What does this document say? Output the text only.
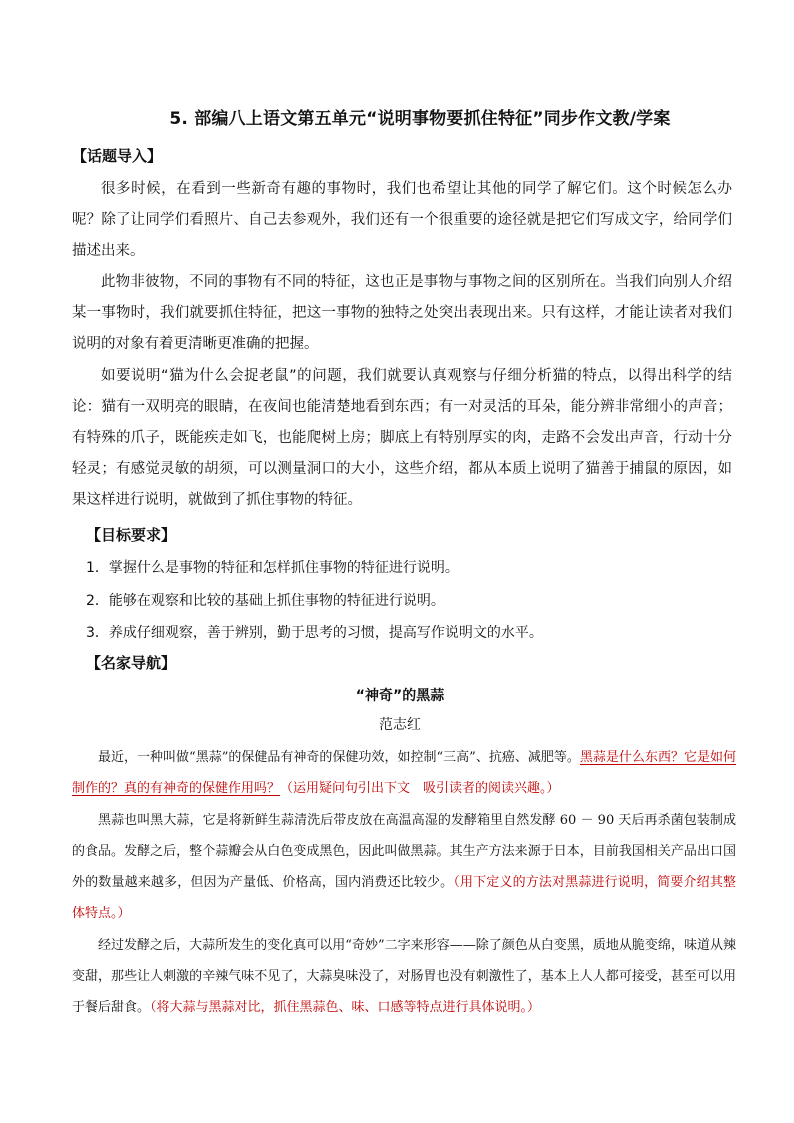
5. 部编八上语文第五单元“说明事物要抓住特征”同步作文教/学案
【话题导入】
很多时候，在看到一些新奇有趣的事物时，我们也希望让其他的同学了解它们。这个时候怎么办呢？除了让同学们看照片、自己去参观外，我们还有一个很重要的途径就是把它们写成文字，给同学们描述出来。
此物非彼物，不同的事物有不同的特征，这也正是事物与事物之间的区别所在。当我们向别人介绍某一事物时，我们就要抓住特征，把这一事物的独特之处突出表现出来。只有这样，才能让读者对我们说明的对象有着更清晰更准确的把握。
如要说明“猫为什么会捉老鼠”的问题，我们就要认真观察与仔细分析猫的特点，以得出科学的结论：猫有一双明亮的眼睛，在夜间也能清楚地看到东西；有一对灵活的耳朵，能分辨非常细小的声音；有特殊的爪子，既能疾走如飞，也能爬树上房；脚底上有特别厚实的肉，走路不会发出声音，行动十分轻灵；有感觉灵敏的胡须，可以测量洞口的大小，这些介绍，都从本质上说明了猫善于捕鼠的原因，如果这样进行说明，就做到了抓住事物的特征。
【目标要求】
1．掌握什么是事物的特征和怎样抓住事物的特征进行说明。
2．能够在观察和比较的基础上抓住事物的特征进行说明。
3．养成仔细观察，善于辨别，勤于思考的习惯，提高写作说明文的水平。
【名家导航】
“神奇”的黑蒜
范志红
最近，一种叫做“黑蒜”的保健品有神奇的保健功效，如控制“三高”、抗癌、减肥等。黑蒜是什么东西？它是如何制作的？真的有神奇的保健作用吗？（运用疑问句引出下文　吸引读者的阅读兴趣。）
黑蒜也叫黑大蒜，它是将新鲜生蒜清洗后带皮放在高温高湿的发酵箱里自然发酵 60 － 90 天后再杀菌包装制成的食品。发酵之后，整个蒜瓣会从白色变成黑色，因此叫做黑蒜。其生产方法来源于日本，目前我国相关产品出口国外的数量越来越多，但因为产量低、价格高，国内消费还比较少。（用下定义的方法对黑蒜进行说明，简要介绍其整体特点。）
经过发酵之后，大蒜所发生的变化真可以用“奇妙”二字来形容——除了颜色从白变黑，质地从脆变绵，味道从辣变甜，那些让人刺激的辛辣气味不见了，大蒜臭味没了，对肠胃也没有刺激性了，基本上人人都可接受，甚至可以用于餐后甜食。（将大蒜与黑蒜对比，抓住黑蒜色、味、口感等特点进行具体说明。）
